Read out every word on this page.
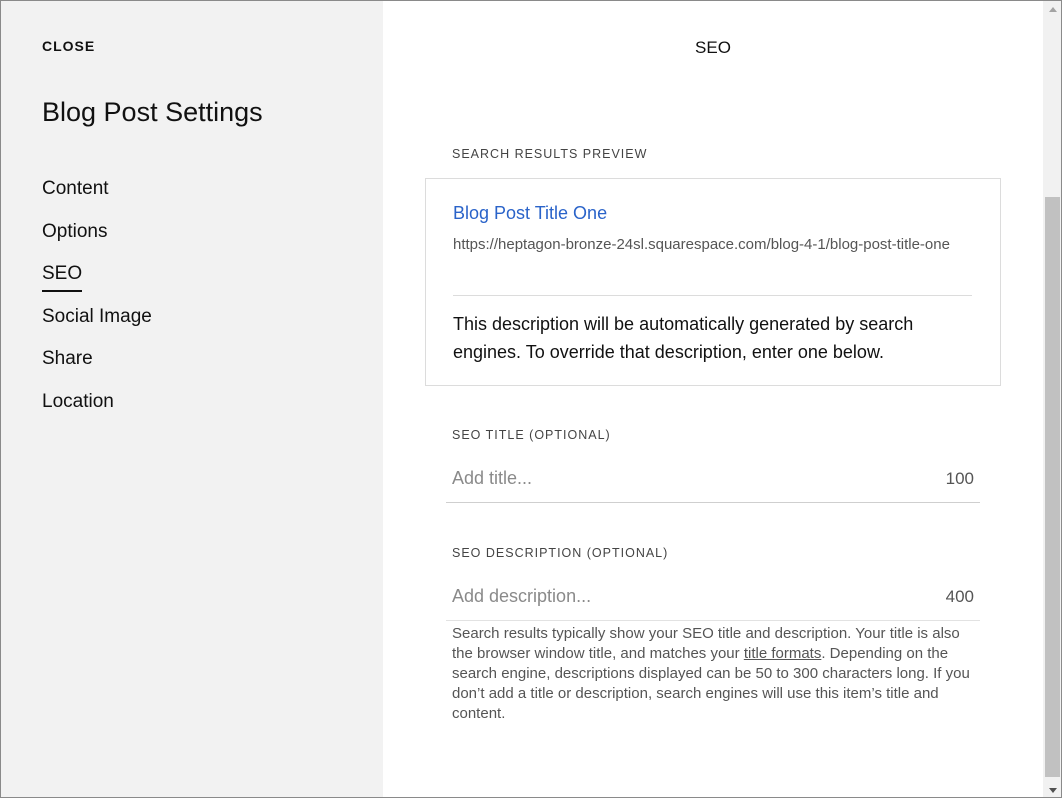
CLOSE
Blog Post Settings
Content
Options
SEO
Social Image
Share
Location
SEO
SEARCH RESULTS PREVIEW
Blog Post Title One
https://heptagon-bronze-24sl.squarespace.com/blog-4-1/blog-post-title-one
This description will be automatically generated by search engines. To override that description, enter one below.
SEO TITLE (OPTIONAL)
Add title...
100
SEO DESCRIPTION (OPTIONAL)
Add description...
400
Search results typically show your SEO title and description. Your title is also the browser window title, and matches your title formats. Depending on the search engine, descriptions displayed can be 50 to 300 characters long. If you don’t add a title or description, search engines will use this item’s title and content.
